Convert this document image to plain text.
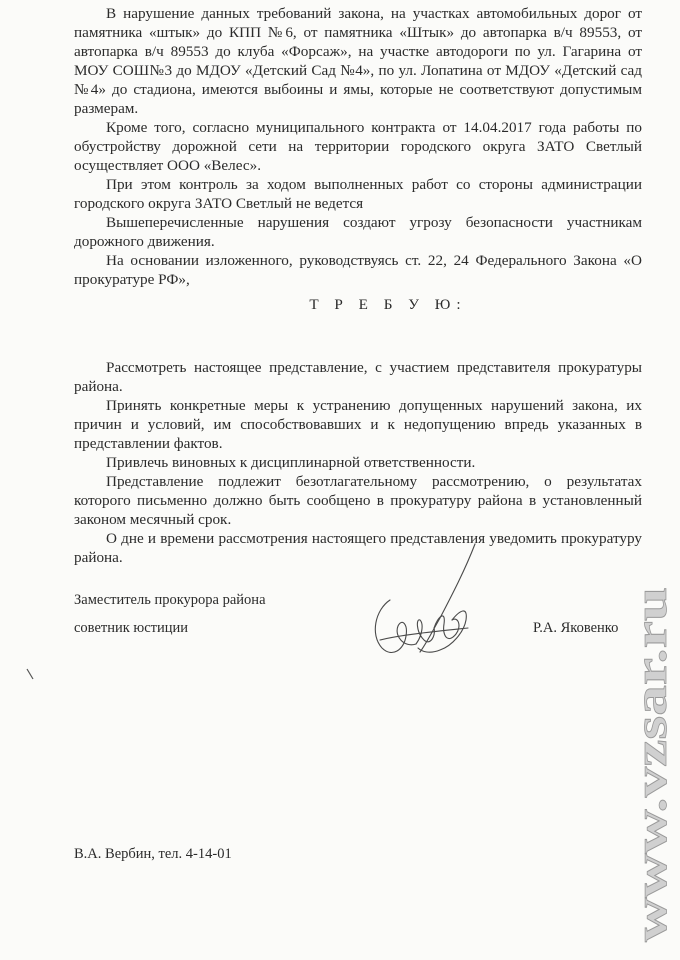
В нарушение данных требований закона, на участках автомобильных дорог от памятника «штык» до КПП №6, от памятника «Штык» до автопарка в/ч 89553, от автопарка в/ч 89553 до клуба «Форсаж», на участке автодороги по ул. Гагарина от МОУ СОШ№3 до МДОУ «Детский Сад №4», по ул. Лопатина от МДОУ «Детский сад №4» до стадиона, имеются выбоины и ямы, которые не соответствуют допустимым размерам.

Кроме того, согласно муниципального контракта от 14.04.2017 года работы по обустройству дорожной сети на территории городского округа ЗАТО Светлый осуществляет ООО «Велес».

При этом контроль за ходом выполненных работ со стороны администрации городского округа ЗАТО Светлый не ведется

Вышеперечисленные нарушения создают угрозу безопасности участникам дорожного движения.

На основании изложенного, руководствуясь ст. 22, 24 Федерального Закона «О прокуратуре РФ»,

Т Р Е Б У Ю:

Рассмотреть настоящее представление, с участием представителя прокуратуры района.

Принять конкретные меры к устранению допущенных нарушений закона, их причин и условий, им способствовавших и к недопущению впредь указанных в представлении фактов.

Привлечь виновных к дисциплинарной ответственности.

Представление подлежит безотлагательному рассмотрению, о результатах которого письменно должно быть сообщено в прокуратуру района в установленный законом месячный срок.

О дне и времени рассмотрения настоящего представления уведомить прокуратуру района.

Заместитель прокурора района
советник юстиции	Р.А. Яковенко
В.А. Вербин, тел. 4-14-01	www.vzsar.ru
